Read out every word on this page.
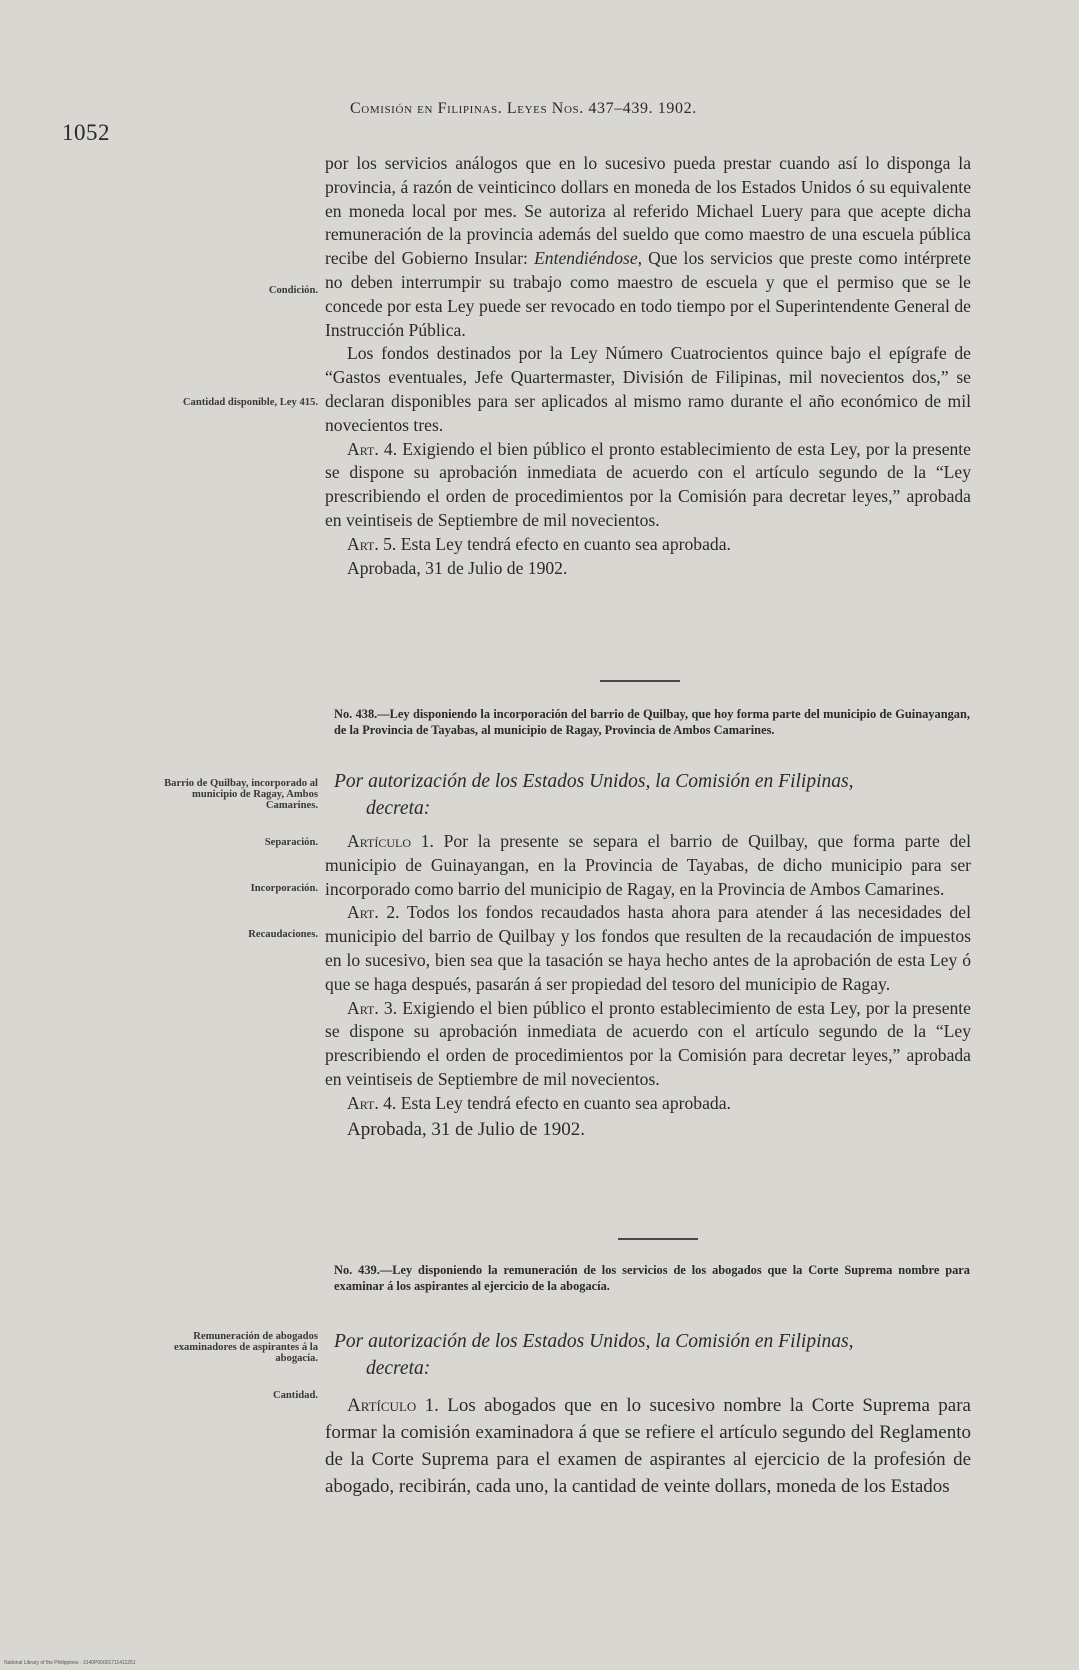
1052
Comisión en Filipinas. Leyes Nos. 437–439. 1902.
Condición.
Cantidad disponible, Ley 415.
Barrio de Quilbay, incorporado al municipio de Ragay, Ambos Camarines.
Separación.
Incorporación.
Recaudaciones.
Remuneración de abogados examinadores de aspirantes á la abogacía.
Cantidad.

por los servicios análogos que en lo sucesivo pueda prestar cuando así lo disponga la provincia, á razón de veinticinco dollars en moneda de los Estados Unidos ó su equivalente en moneda local por mes. Se autoriza al referido Michael Luery para que acepte dicha remuneración de la provincia además del sueldo que como maestro de una escuela pública recibe del Gobierno Insular: Entendiéndose, Que los servicios que preste como intérprete no deben interrumpir su trabajo como maestro de escuela y que el permiso que se le concede por esta Ley puede ser revocado en todo tiempo por el Superintendente General de Instrucción Pública.

Los fondos destinados por la Ley Número Cuatrocientos quince bajo el epígrafe de “Gastos eventuales, Jefe Quartermaster, División de Filipinas, mil novecientos dos,” se declaran disponibles para ser aplicados al mismo ramo durante el año económico de mil novecientos tres.

Art. 4. Exigiendo el bien público el pronto establecimiento de esta Ley, por la presente se dispone su aprobación inmediata de acuerdo con el artículo segundo de la “Ley prescribiendo el orden de procedimientos por la Comisión para decretar leyes,” aprobada en veintiseis de Septiembre de mil novecientos.

Art. 5. Esta Ley tendrá efecto en cuanto sea aprobada.

Aprobada, 31 de Julio de 1902.

No. 438.—Ley disponiendo la incorporación del barrio de Quilbay, que hoy forma parte del municipio de Guinayangan, de la Provincia de Tayabas, al municipio de Ragay, Provincia de Ambos Camarines.
Por autorización de los Estados Unidos, la Comisión en Filipinas,
decreta:

Artículo 1. Por la presente se separa el barrio de Quilbay, que forma parte del municipio de Guinayangan, en la Provincia de Tayabas, de dicho municipio para ser incorporado como barrio del municipio de Ragay, en la Provincia de Ambos Camarines.

Art. 2. Todos los fondos recaudados hasta ahora para atender á las necesidades del municipio del barrio de Quilbay y los fondos que resulten de la recaudación de impuestos en lo sucesivo, bien sea que la tasación se haya hecho antes de la aprobación de esta Ley ó que se haga después, pasarán á ser propiedad del tesoro del municipio de Ragay.

Art. 3. Exigiendo el bien público el pronto establecimiento de esta Ley, por la presente se dispone su aprobación inmediata de acuerdo con el artículo segundo de la “Ley prescribiendo el orden de procedimientos por la Comisión para decretar leyes,” aprobada en veintiseis de Septiembre de mil novecientos.

Art. 4. Esta Ley tendrá efecto en cuanto sea aprobada.

Aprobada, 31 de Julio de 1902.

No. 439.—Ley disponiendo la remuneración de los servicios de los abogados que la Corte Suprema nombre para examinar á los aspirantes al ejercicio de la abogacía.
Por autorización de los Estados Unidos, la Comisión en Filipinas,
decreta:

Artículo 1. Los abogados que en lo sucesivo nombre la Corte Suprema para formar la comisión examinadora á que se refiere el artículo segundo del Reglamento de la Corte Suprema para el examen de aspirantes al ejercicio de la profesión de abogado, recibirán, cada uno, la cantidad de veinte dollars, moneda de los Estados

National Library of the Philippines · 3140P00001711411251
